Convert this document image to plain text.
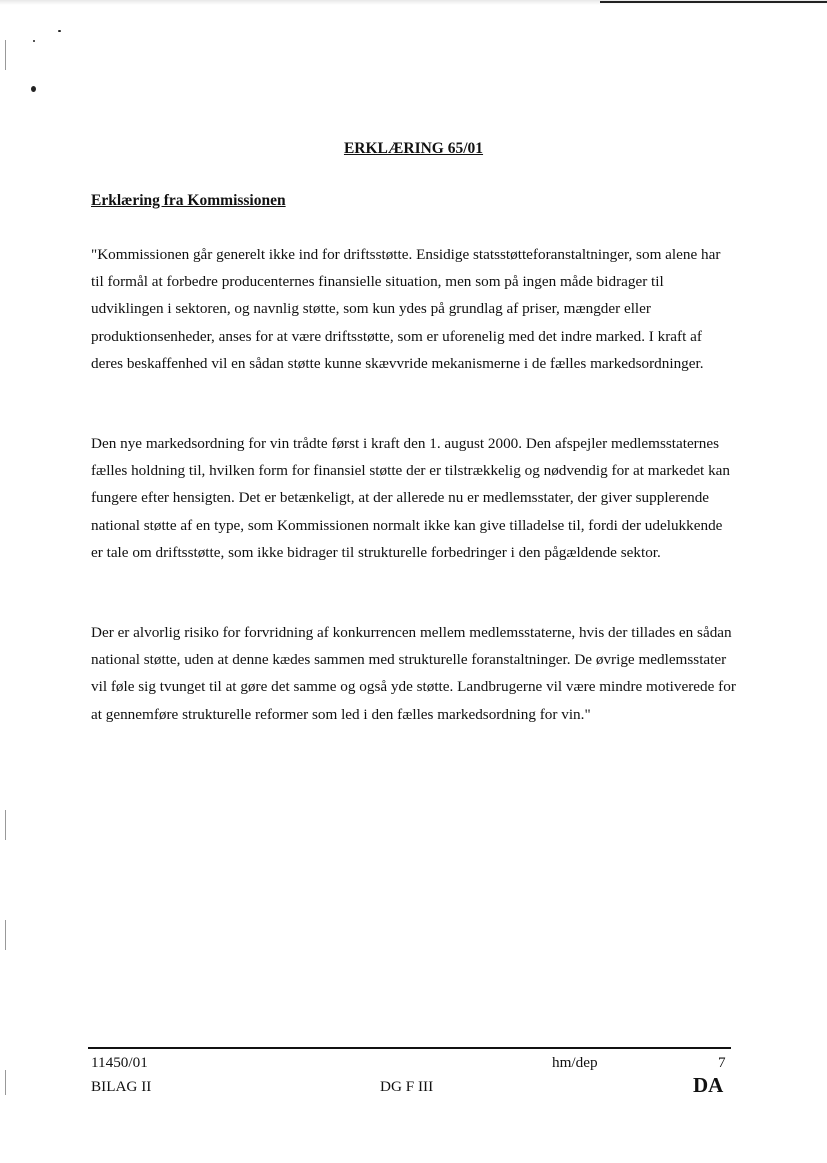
ERKLÆRING 65/01
Erklæring fra Kommissionen

"Kommissionen går generelt ikke ind for driftsstøtte. Ensidige statsstøtteforanstaltninger, som alene har til formål at forbedre producenternes finansielle situation, men som på ingen måde bidrager til udviklingen i sektoren, og navnlig støtte, som kun ydes på grundlag af priser, mængder eller produktionsenheder, anses for at være driftsstøtte, som er uforenelig med det indre marked. I kraft af deres beskaffenhed vil en sådan støtte kunne skævvride mekanismerne i de fælles markedsordninger.

Den nye markedsordning for vin trådte først i kraft den 1. august 2000. Den afspejler medlemsstaternes fælles holdning til, hvilken form for finansiel støtte der er tilstrækkelig og nødvendig for at markedet kan fungere efter hensigten. Det er betænkeligt, at der allerede nu er medlemsstater, der giver supplerende national støtte af en type, som Kommissionen normalt ikke kan give tilladelse til, fordi der udelukkende er tale om driftsstøtte, som ikke bidrager til strukturelle forbedringer i den pågældende sektor.

Der er alvorlig risiko for forvridning af konkurrencen mellem medlemsstaterne, hvis der tillades en sådan national støtte, uden at denne kædes sammen med strukturelle foranstaltninger. De øvrige medlemsstater vil føle sig tvunget til at gøre det samme og også yde støtte. Landbrugerne vil være mindre motiverede for at gennemføre strukturelle reformer som led i den fælles markedsordning for vin."

11450/01
BILAG II
hm/dep
DG F III
7
DA
